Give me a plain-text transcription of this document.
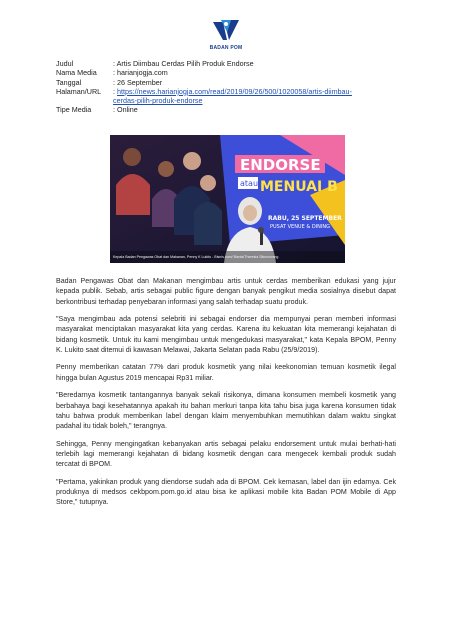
BADAN POM
Judul	: Artis Diimbau Cerdas Pilih Produk Endorse
Nama Media	: harianjogja.com
Tanggal	: 26 September
Halaman/URL	: https://news.harianjogja.com/read/2019/09/26/500/1020058/artis-diimbau-
cerdas-pilih-produk-endorse
Tipe Media	: Online
ENDORSE
atau MENUAI B
RABU, 25 SEPTEMBER
PUSAT VENUE & DINING
Kepala Badan Pengawas Obat dan Makanan, Penny K Lukito - Bisnis.com/ Bisnis/Theresia Sikumorang

Badan Pengawas Obat dan Makanan mengimbau artis untuk cerdas memberikan edukasi yang jujur kepada publik. Sebab, artis sebagai public figure dengan banyak pengikut media sosialnya disebut dapat berkontribusi terhadap penyebaran informasi yang salah terhadap suatu produk.

"Saya mengimbau ada potensi selebriti ini sebagai endorser dia mempunyai peran memberi informasi masyarakat menciptakan masyarakat kita yang cerdas. Karena itu kekuatan kita memerangi kejahatan di bidang kosmetik. Untuk itu kami mengimbau untuk mengedukasi masyarakat," kata Kepala BPOM, Penny K. Lukito saat ditemui di kawasan Melawai, Jakarta Selatan pada Rabu (25/9/2019).

Penny memberikan catatan 77% dari produk kosmetik yang nilai keekonomian temuan kosmetik ilegal hingga bulan Agustus 2019 mencapai Rp31 miliar.

"Beredarnya kosmetik tantangannya banyak sekali risikonya, dimana konsumen membeli kosmetik yang berbahaya bagi kesehatannya apakah itu bahan merkuri tanpa kita tahu bisa juga karena konsumen tidak tahu bahwa produk memberikan label dengan klaim menyembuhkan memutihkan dalam waktu singkat padahal itu tidak boleh," terangnya.

Sehingga, Penny mengingatkan kebanyakan artis sebagai pelaku endorsement untuk mulai berhati-hati terlebih lagi memerangi kejahatan di bidang kosmetik dengan cara mengecek kembali produk sudah tercatat di BPOM.

"Pertama, yakinkan produk yang diendorse sudah ada di BPOM. Cek kemasan, label dan ijin edarnya. Cek produknya di medsos cekbpom.pom.go.id atau bisa ke aplikasi mobile kita Badan POM Mobile di App Store," tutupnya.
